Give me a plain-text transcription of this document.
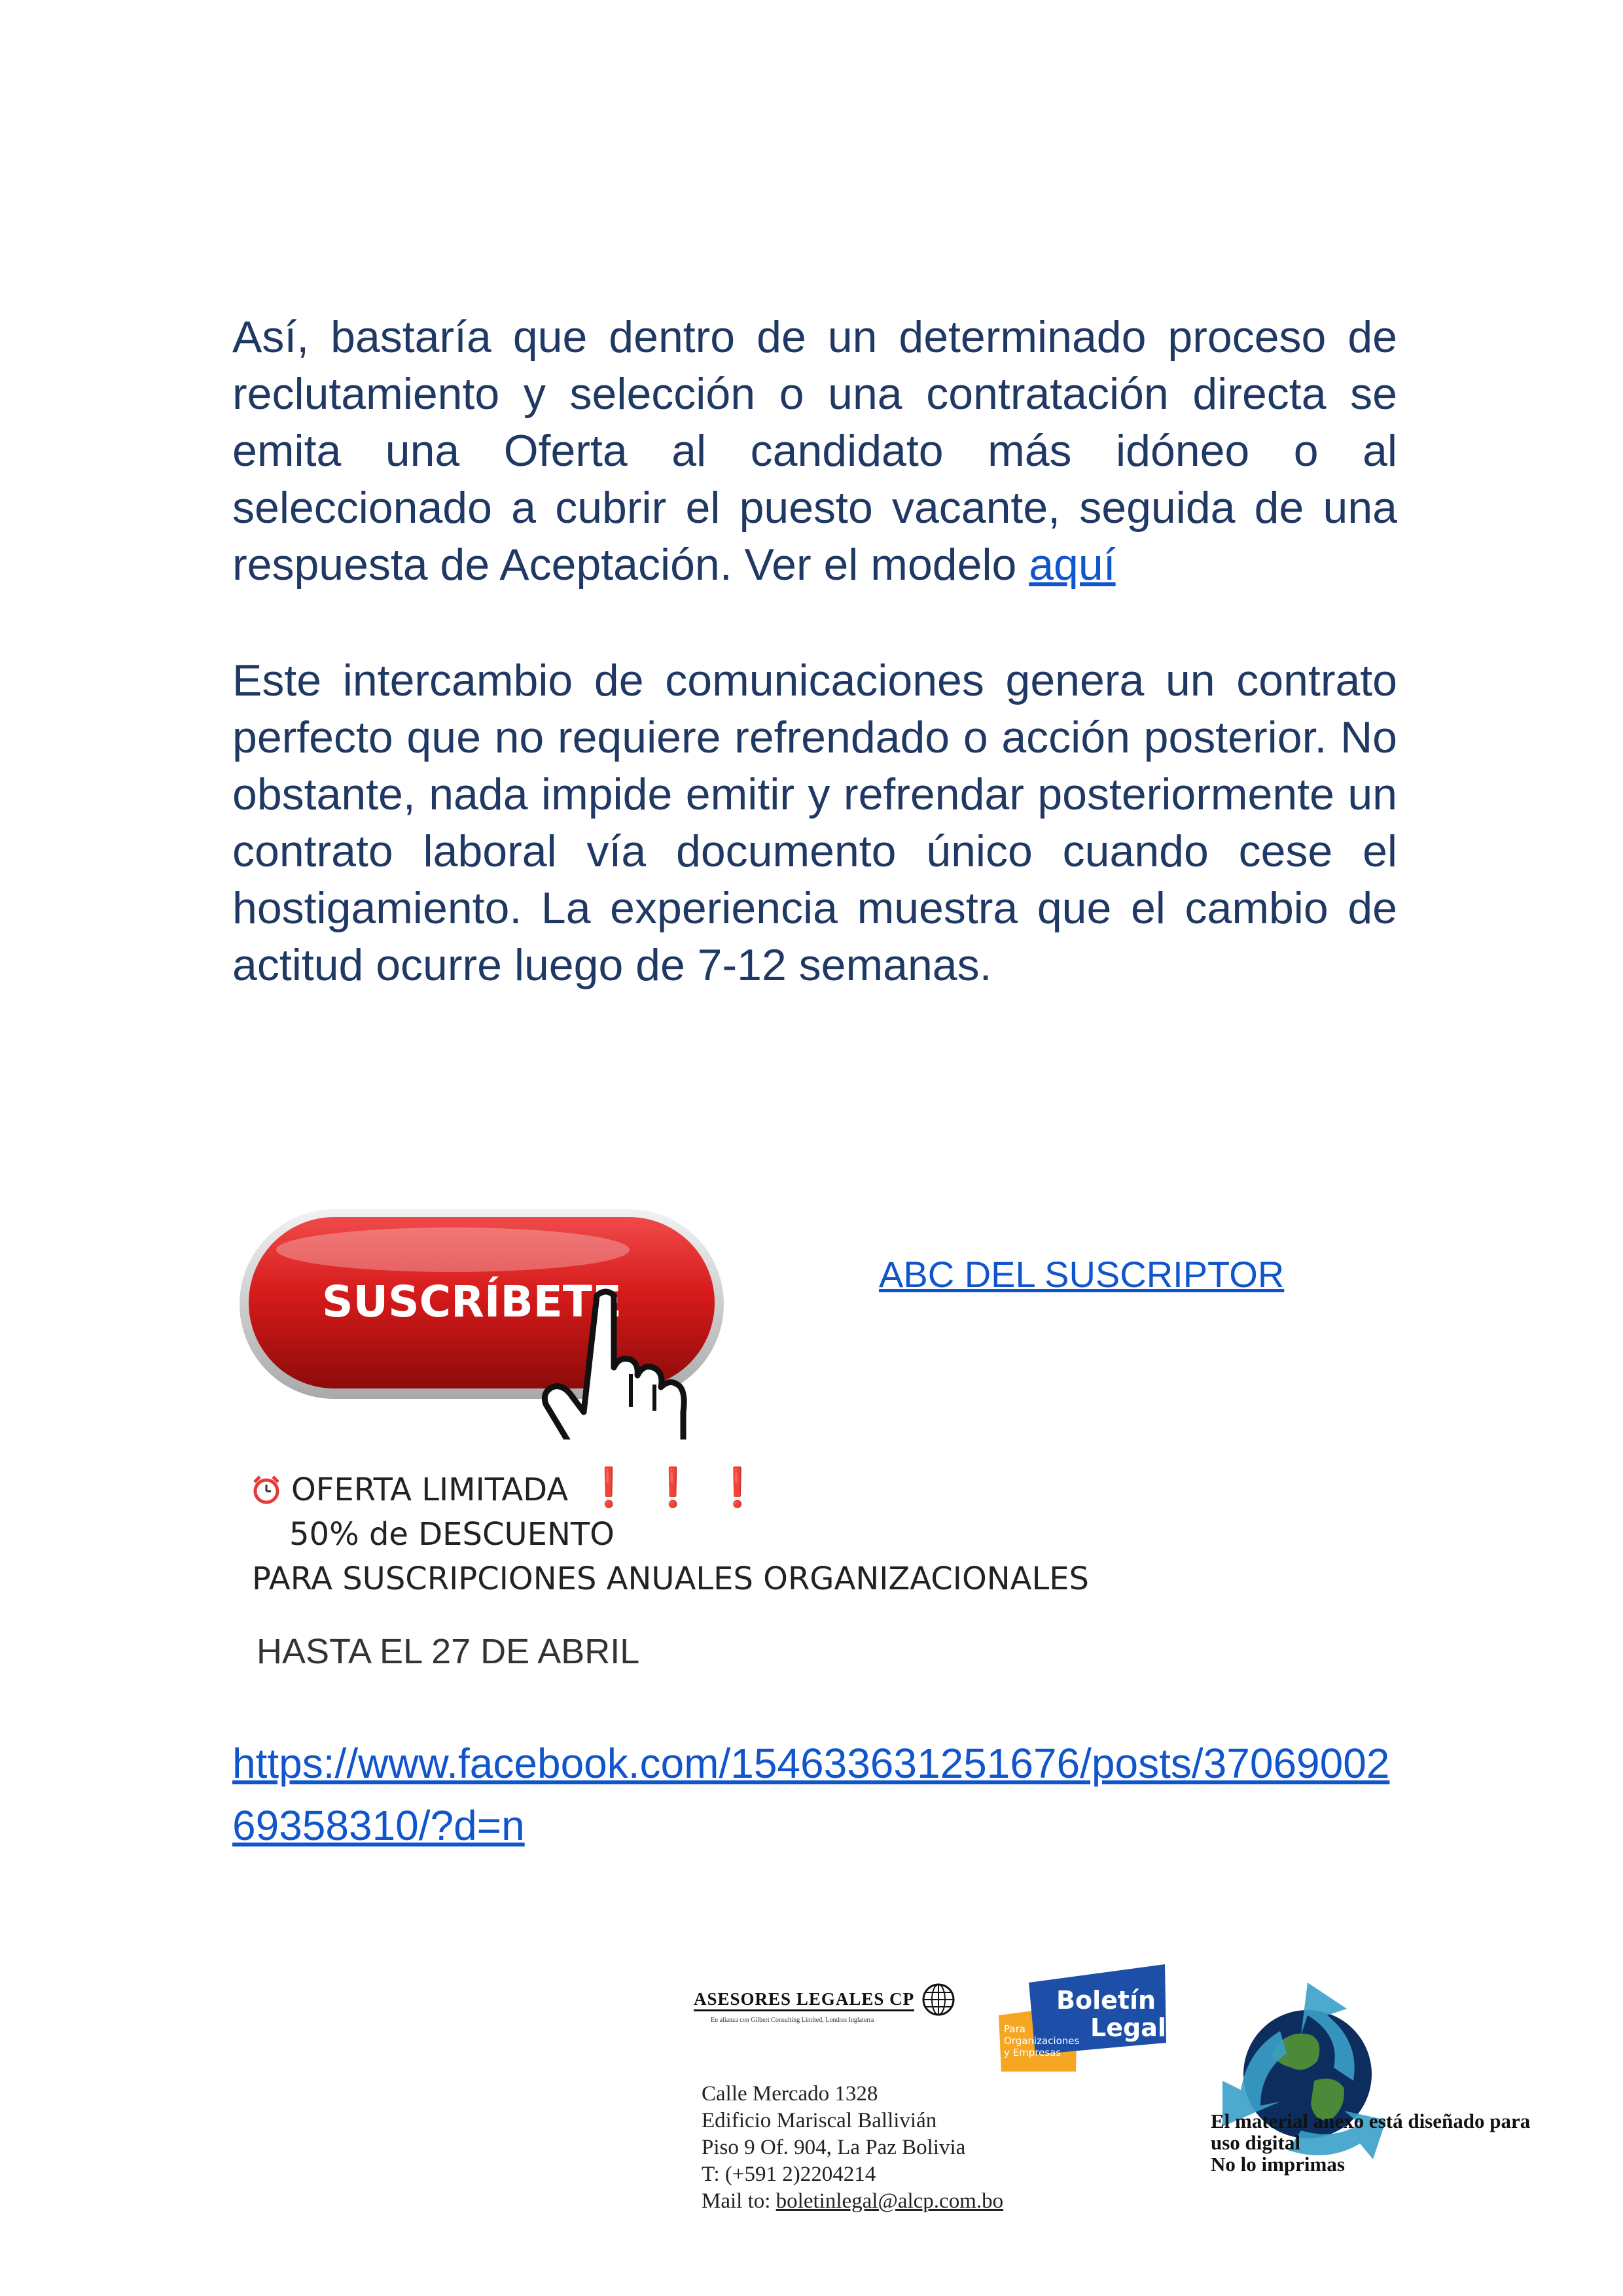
Así, bastaría que dentro de un determinado proceso de reclutamiento y selección o una contratación directa se emita una Oferta al candidato más idóneo o al seleccionado a cubrir el puesto vacante, seguida de una respuesta de Aceptación. Ver el modelo aquí

Este intercambio de comunicaciones genera un contrato perfecto que no requiere refrendado o acción posterior. No obstante, nada impide emitir y refrendar posteriormente un contrato laboral vía documento único cuando cese el hostigamiento. La experiencia muestra que el cambio de actitud ocurre luego de 7-12 semanas.

SUSCRÍBETE
ABC DEL SUSCRIPTOR
OFERTA LIMITADA ❗ ❗ ❗
50% de DESCUENTO
PARA SUSCRIPCIONES ANUALES ORGANIZACIONALES
HASTA EL 27 DE ABRIL
https://www.facebook.com/154633631251676/posts/3706900269358310/?d=n
ASESORES LEGALES CP
En alianza con Gilbert Consulting Limited, Londres Inglaterra
Boletín
Legal
Para
Organizaciones
y Empresas
Calle Mercado 1328
Edificio Mariscal Ballivián
Piso 9 Of. 904, La Paz Bolivia
T: (+591 2)2204214
Mail to: boletinlegal@alcp.com.bo
El material anexo está diseñado para
uso digital
No lo imprimas
